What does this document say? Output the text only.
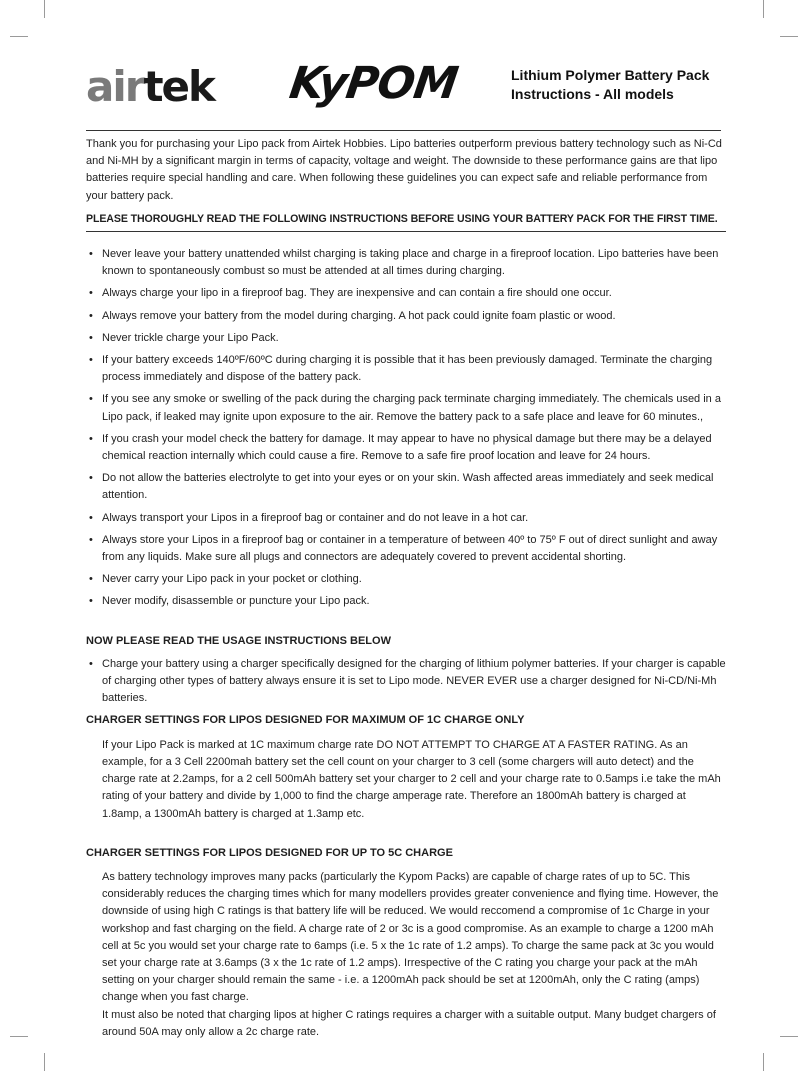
airtek KyPOM	Lithium Polymer Battery Pack
Instructions - All models

Thank you for purchasing your Lipo pack from Airtek Hobbies. Lipo batteries outperform previous battery technology such as Ni-Cd and Ni-MH by a significant margin in terms of capacity, voltage and weight. The downside to these performance gains are that lipo batteries require special handling and care. When following these guidelines you can expect safe and reliable performance from your battery pack.

PLEASE THOROUGHLY READ THE FOLLOWING INSTRUCTIONS BEFORE USING YOUR BATTERY PACK FOR THE FIRST TIME.

• Never leave your battery unattended whilst charging is taking place and charge in a fireproof location. Lipo batteries have been known to spontaneously combust so must be attended at all times during charging.
• Always charge your lipo in a fireproof bag. They are inexpensive and can contain a fire should one occur.
• Always remove your battery from the model during charging. A hot pack could ignite foam plastic or wood.
• Never trickle charge your Lipo Pack.
• If your battery exceeds 140ºF/60ºC during charging it is possible that it has been previously damaged. Terminate the charging process immediately and dispose of the battery pack.
• If you see any smoke or swelling of the pack during the charging pack terminate charging immediately. The chemicals used in a Lipo pack, if leaked may ignite upon exposure to the air. Remove the battery pack to a safe place and leave for 60 minutes.,
• If you crash your model check the battery for damage. It may appear to have no physical damage but there may be a delayed chemical reaction internally which could cause a fire. Remove to a safe fire proof location and leave for 24 hours.
• Do not allow the batteries electrolyte to get into your eyes or on your skin. Wash affected areas immediately and seek medical attention.
• Always transport your Lipos in a fireproof bag or container and do not leave in a hot car.
• Always store your Lipos in a fireproof bag or container in a temperature of between 40º to 75º F out of direct sunlight and away from any liquids. Make sure all plugs and connectors are adequately covered to prevent accidental shorting.
• Never carry your Lipo pack in your pocket or clothing.
• Never modify, disassemble or puncture your Lipo pack.

NOW PLEASE READ THE USAGE INSTRUCTIONS BELOW

• Charge your battery using a charger specifically designed for the charging of lithium polymer batteries. If your charger is capable of charging other types of battery always ensure it is set to Lipo mode. NEVER EVER use a charger designed for Ni-CD/Ni-Mh batteries.

CHARGER SETTINGS FOR LIPOS DESIGNED FOR MAXIMUM OF 1C CHARGE ONLY

If your Lipo Pack is marked at 1C maximum charge rate DO NOT ATTEMPT TO CHARGE AT A FASTER RATING. As an example, for a 3 Cell 2200mah battery set the cell count on your charger to 3 cell (some chargers will auto detect) and the charge rate at 2.2amps, for a 2 cell 500mAh battery set your charger to 2 cell and your charge rate to 0.5amps i.e take the mAh rating of your battery and divide by 1,000 to find the charge amperage rate. Therefore an 1800mAh battery is charged at 1.8amp, a 1300mAh battery is charged at 1.3amp etc.

CHARGER SETTINGS FOR LIPOS DESIGNED FOR UP TO 5C CHARGE

As battery technology improves many packs (particularly the Kypom Packs) are capable of charge rates of up to 5C. This considerably reduces the charging times which for many modellers provides greater convenience and flying time. However, the downside of using high C ratings is that battery life will be reduced. We would reccomend a compromise of 1c Charge in your workshop and fast charging on the field. A charge rate of 2 or 3c is a good compromise. As an example to charge a 1200 mAh cell at 5c you would set your charge rate to 6amps (i.e. 5 x the 1c rate of 1.2 amps). To charge the same pack at 3c you would set your charge rate at 3.6amps (3 x the 1c rate of 1.2 amps). Irrespective of the C rating you charge your pack at the mAh setting on your charger should remain the same - i.e. a 1200mAh pack should be set at 1200mAh, only the C rating (amps) change when you fast charge.

It must also be noted that charging lipos at higher C ratings requires a charger with a suitable output. Many budget chargers of around 50A may only allow a 2c charge rate.
